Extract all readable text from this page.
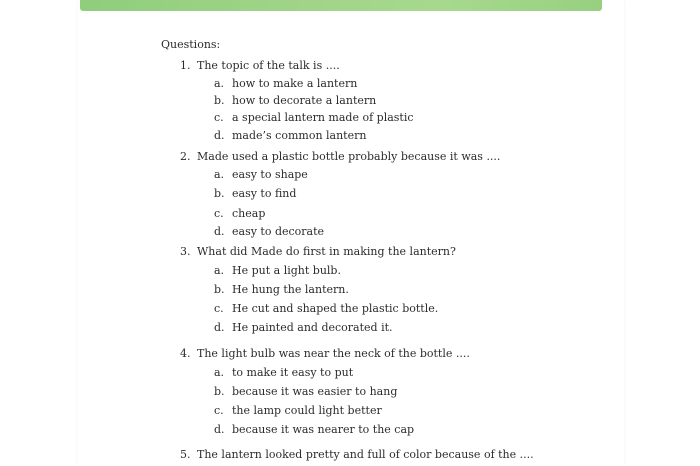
Questions:
1. The topic of the talk is ....
a. how to make a lantern
b. how to decorate a lantern
c. a special lantern made of plastic
d. made’s common lantern
2. Made used a plastic bottle probably because it was ....
a. easy to shape
b. easy to find
c. cheap
d. easy to decorate
3. What did Made do first in making the lantern?
a. He put a light bulb.
b. He hung the lantern.
c. He cut and shaped the plastic bottle.
d. He painted and decorated it.
4. The light bulb was near the neck of the bottle ....
a. to make it easy to put
b. because it was easier to hang
c. the lamp could light better
d. because it was nearer to the cap
5. The lantern looked pretty and full of color because of the ....
